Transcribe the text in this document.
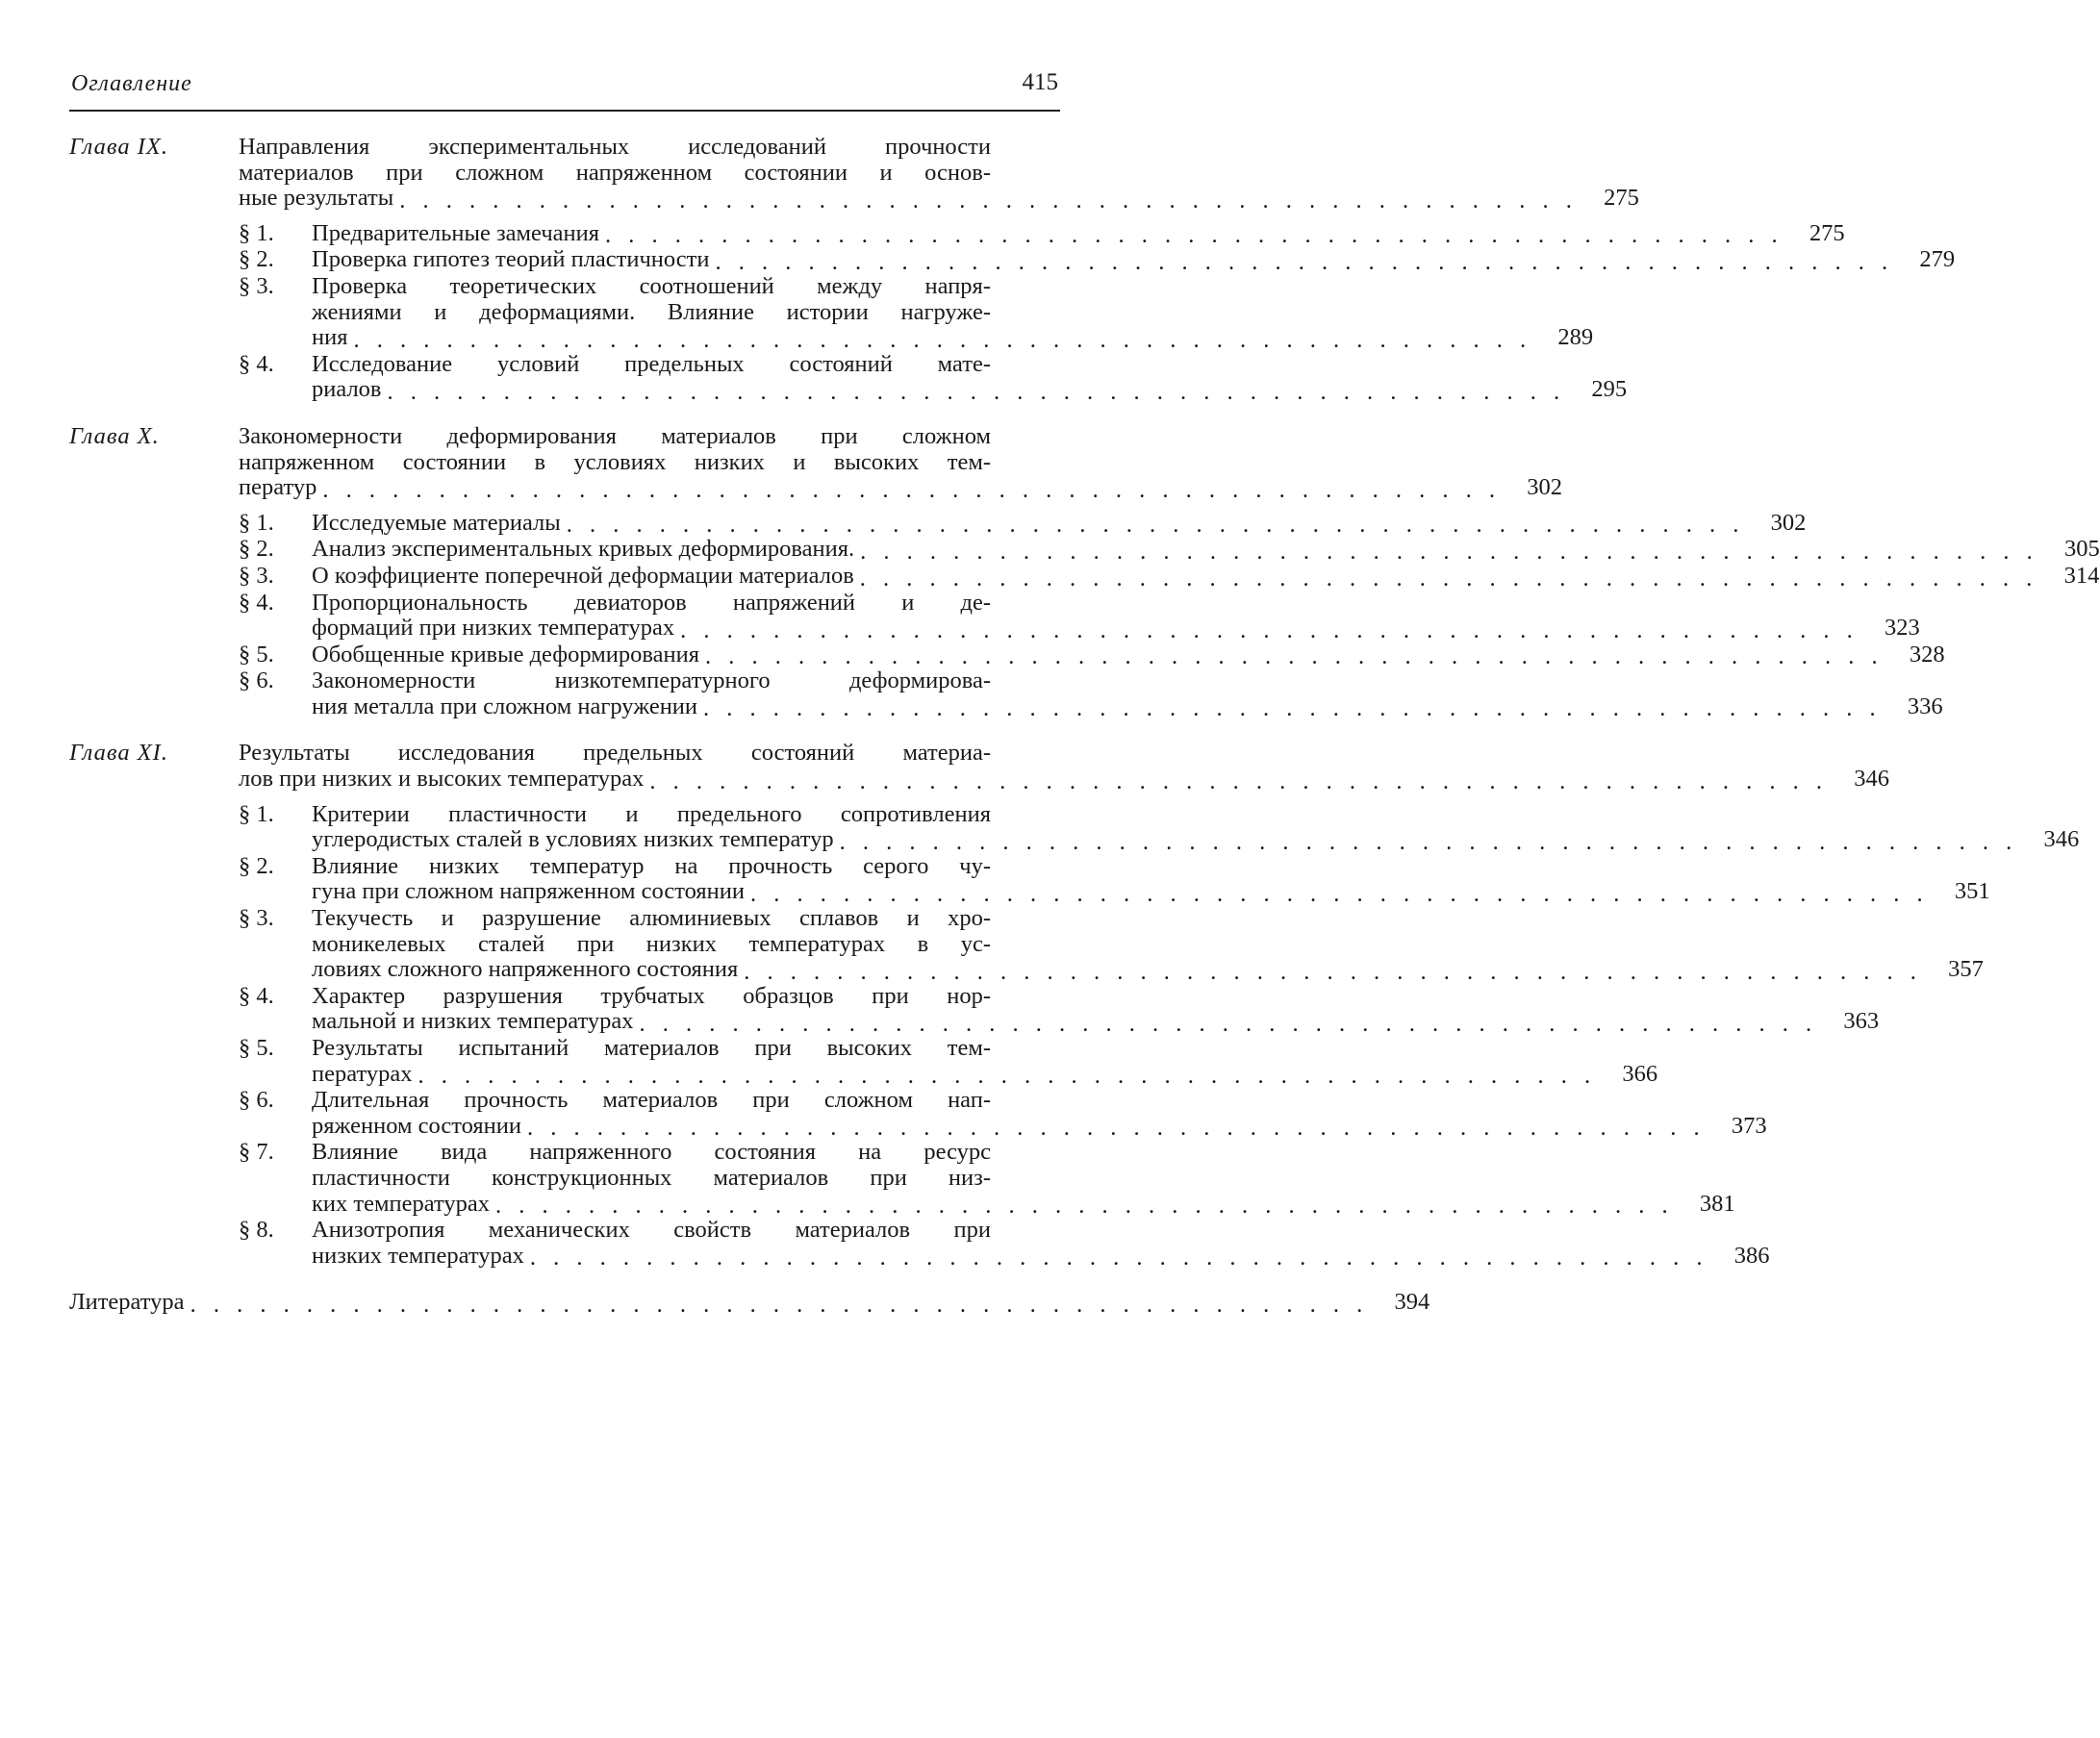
Оглавление	415
Глава IX.	Направления экспериментальных исследований прочности
материалов при сложном напряженном состоянии и основ-
ные результаты . . . . . . . . . . . . . . . . . . . . . . . . . . . . . . . . . . . . . . . . . . . . . . . . . . .	275
§ 1.	Предварительные замечания . . . . . . . . . . . . . . . . . . . . . . . . . . . . . . . . . . . . . . . . . . . . . . . . . . .	275
§ 2.	Проверка гипотез теорий пластичности . . . . . . . . . . . . . . . . . . . . . . . . . . . . . . . . . . . . . . . . . . . . . . . . . . .	279
§ 3.	Проверка теоретических соотношений между напря-
жениями и деформациями. Влияние истории нагруже-
ния . . . . . . . . . . . . . . . . . . . . . . . . . . . . . . . . . . . . . . . . . . . . . . . . . . .	289
§ 4.	Исследование условий предельных состояний мате-
риалов . . . . . . . . . . . . . . . . . . . . . . . . . . . . . . . . . . . . . . . . . . . . . . . . . . .	295
Глава X.	Закономерности деформирования материалов при сложном
напряженном состоянии в условиях низких и высоких тем-
ператур . . . . . . . . . . . . . . . . . . . . . . . . . . . . . . . . . . . . . . . . . . . . . . . . . . .	302
§ 1.	Исследуемые материалы . . . . . . . . . . . . . . . . . . . . . . . . . . . . . . . . . . . . . . . . . . . . . . . . . . .	302
§ 2.	Анализ экспериментальных кривых деформирования. . . . . . . . . . . . . . . . . . . . . . . . . . . . . . . . . . . . . . . . . . . . . . . . . . . .	305
§ 3.	О коэффициенте поперечной деформации материалов . . . . . . . . . . . . . . . . . . . . . . . . . . . . . . . . . . . . . . . . . . . . . . . . . . .	314
§ 4.	Пропорциональность девиаторов напряжений и де-
формаций при низких температурах . . . . . . . . . . . . . . . . . . . . . . . . . . . . . . . . . . . . . . . . . . . . . . . . . . .	323
§ 5.	Обобщенные кривые деформирования . . . . . . . . . . . . . . . . . . . . . . . . . . . . . . . . . . . . . . . . . . . . . . . . . . .	328
§ 6.	Закономерности низкотемпературного деформирова-
ния металла при сложном нагружении . . . . . . . . . . . . . . . . . . . . . . . . . . . . . . . . . . . . . . . . . . . . . . . . . . .	336
Глава XI.	Результаты исследования предельных состояний материа-
лов при низких и высоких температурах . . . . . . . . . . . . . . . . . . . . . . . . . . . . . . . . . . . . . . . . . . . . . . . . . . .	346
§ 1.	Критерии пластичности и предельного сопротивления
углеродистых сталей в условиях низких температур . . . . . . . . . . . . . . . . . . . . . . . . . . . . . . . . . . . . . . . . . . . . . . . . . . .	346
§ 2.	Влияние низких температур на прочность серого чу-
гуна при сложном напряженном состоянии . . . . . . . . . . . . . . . . . . . . . . . . . . . . . . . . . . . . . . . . . . . . . . . . . . .	351
§ 3.	Текучесть и разрушение алюминиевых сплавов и хро-
моникелевых сталей при низких температурах в ус-
ловиях сложного напряженного состояния . . . . . . . . . . . . . . . . . . . . . . . . . . . . . . . . . . . . . . . . . . . . . . . . . . .	357
§ 4.	Характер разрушения трубчатых образцов при нор-
мальной и низких температурах . . . . . . . . . . . . . . . . . . . . . . . . . . . . . . . . . . . . . . . . . . . . . . . . . . .	363
§ 5.	Результаты испытаний материалов при высоких тем-
пературах . . . . . . . . . . . . . . . . . . . . . . . . . . . . . . . . . . . . . . . . . . . . . . . . . . .	366
§ 6.	Длительная прочность материалов при сложном нап-
ряженном состоянии . . . . . . . . . . . . . . . . . . . . . . . . . . . . . . . . . . . . . . . . . . . . . . . . . . .	373
§ 7.	Влияние вида напряженного состояния на ресурс
пластичности конструкционных материалов при низ-
ких температурах . . . . . . . . . . . . . . . . . . . . . . . . . . . . . . . . . . . . . . . . . . . . . . . . . . .	381
§ 8.	Анизотропия механических свойств материалов при
низких температурах . . . . . . . . . . . . . . . . . . . . . . . . . . . . . . . . . . . . . . . . . . . . . . . . . . .	386
Литература . . . . . . . . . . . . . . . . . . . . . . . . . . . . . . . . . . . . . . . . . . . . . . . . . . .	394
